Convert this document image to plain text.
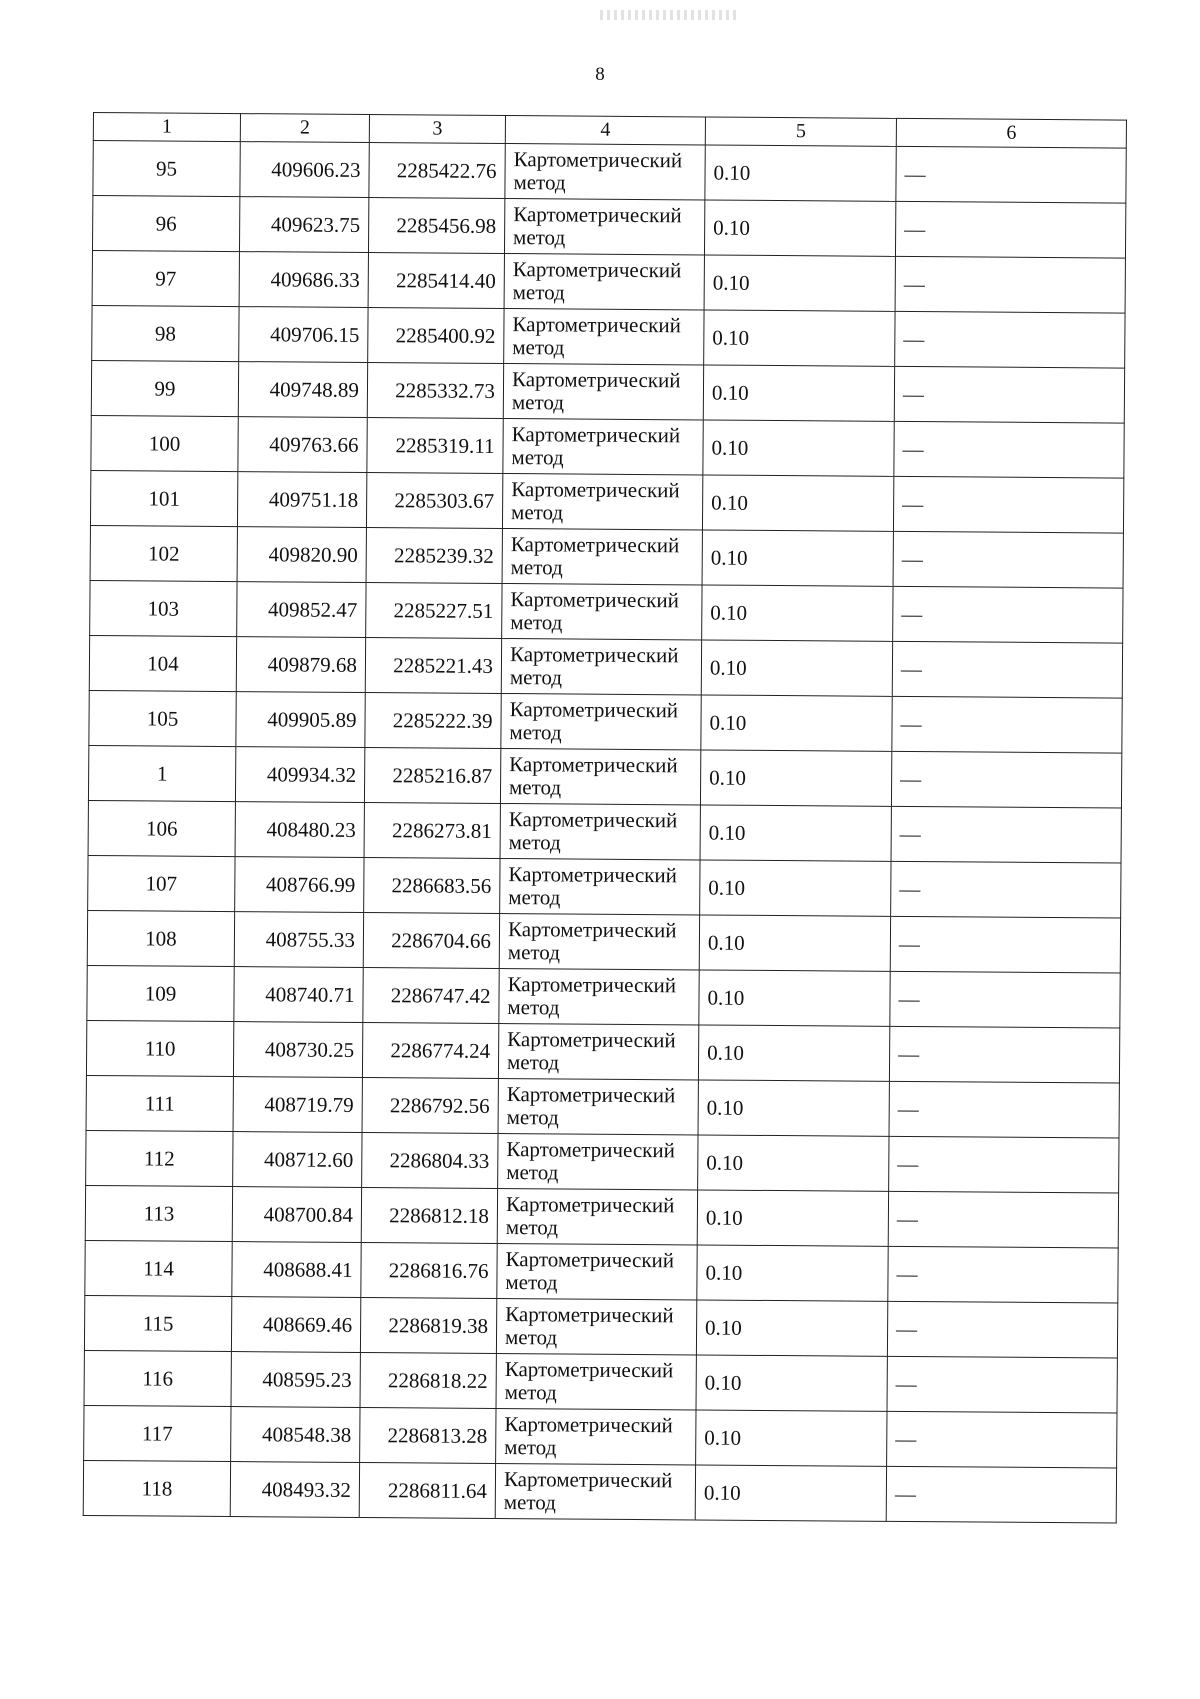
8
1	2	3	4	5	6
95	409606.23	2285422.76	Картометрический метод	0.10	—
96	409623.75	2285456.98	Картометрический метод	0.10	—
97	409686.33	2285414.40	Картометрический метод	0.10	—
98	409706.15	2285400.92	Картометрический метод	0.10	—
99	409748.89	2285332.73	Картометрический метод	0.10	—
100	409763.66	2285319.11	Картометрический метод	0.10	—
101	409751.18	2285303.67	Картометрический метод	0.10	—
102	409820.90	2285239.32	Картометрический метод	0.10	—
103	409852.47	2285227.51	Картометрический метод	0.10	—
104	409879.68	2285221.43	Картометрический метод	0.10	—
105	409905.89	2285222.39	Картометрический метод	0.10	—
1	409934.32	2285216.87	Картометрический метод	0.10	—
106	408480.23	2286273.81	Картометрический метод	0.10	—
107	408766.99	2286683.56	Картометрический метод	0.10	—
108	408755.33	2286704.66	Картометрический метод	0.10	—
109	408740.71	2286747.42	Картометрический метод	0.10	—
110	408730.25	2286774.24	Картометрический метод	0.10	—
111	408719.79	2286792.56	Картометрический метод	0.10	—
112	408712.60	2286804.33	Картометрический метод	0.10	—
113	408700.84	2286812.18	Картометрический метод	0.10	—
114	408688.41	2286816.76	Картометрический метод	0.10	—
115	408669.46	2286819.38	Картометрический метод	0.10	—
116	408595.23	2286818.22	Картометрический метод	0.10	—
117	408548.38	2286813.28	Картометрический метод	0.10	—
118	408493.32	2286811.64	Картометрический метод	0.10	—
